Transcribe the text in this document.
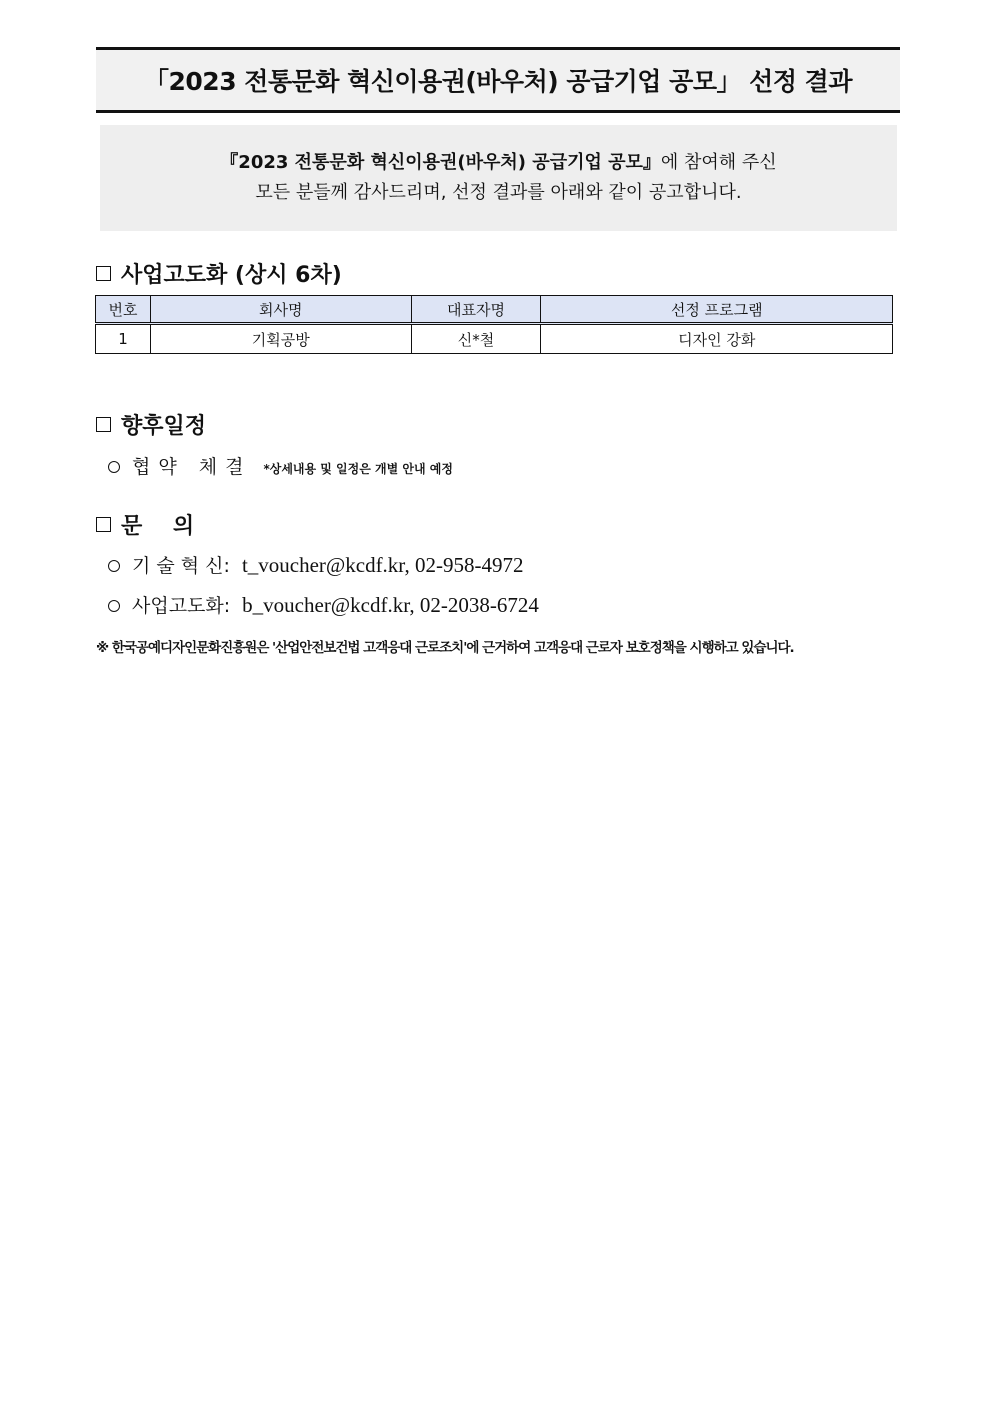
「2023 전통문화 혁신이용권(바우처) 공급기업 공모」 선정 결과
『2023 전통문화 혁신이용권(바우처) 공급기업 공모』에 참여해 주신
모든 분들께 감사드리며, 선정 결과를 아래와 같이 공고합니다.
사업고도화 (상시 6차)
번호	회사명	대표자명	선정 프로그램
1	기획공방	신*철	디자인 강화
향후일정
협약 체결 *상세내용 및 일정은 개별 안내 예정
문    의
기 술 혁 신: t_voucher@kcdf.kr, 02-958-4972
사업고도화: b_voucher@kcdf.kr, 02-2038-6724
※ 한국공예디자인문화진흥원은 '산업안전보건법 고객응대 근로조치'에 근거하여 고객응대 근로자 보호정책을 시행하고 있습니다.
